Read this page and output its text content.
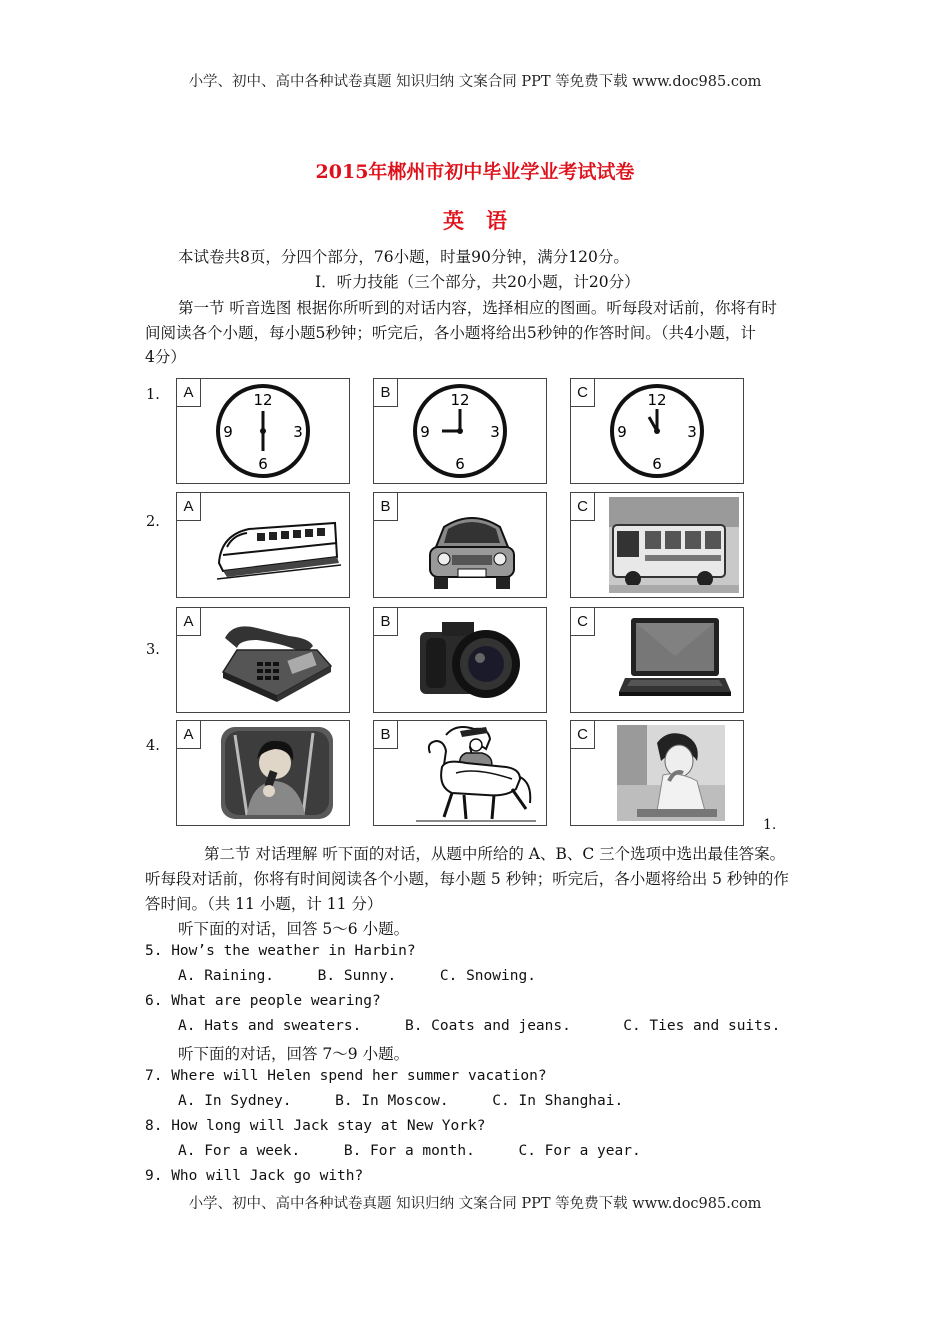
小学、初中、高中各种试卷真题 知识归纳 文案合同 PPT 等免费下载 www.doc985.com
2015年郴州市初中毕业学业考试试卷
英   语
本试卷共8页，分四个部分，76小题，时量90分钟，满分120分。
Ⅰ．听力技能（三个部分，共20小题，计20分）
第一节 听音选图 根据你所听到的对话内容，选择相应的图画。听每段对话前，你将有时
间阅读各个小题，每小题5秒钟；听完后，各小题将给出5秒钟的作答时间。（共4小题，计
4分）
1.
2.
3.
4.
A	12
3
6
9
B	12
3
6
9
C	12
3
6
9
A	B	C
A	B	C
A	B	C
1.
第二节 对话理解 听下面的对话，从题中所给的 A、B、C 三个选项中选出最佳答案。
听每段对话前，你将有时间阅读各个小题，每小题 5 秒钟；听完后，各小题将给出 5 秒钟的作
答时间。（共 11 小题，计 11 分）
听下面的对话，回答 5～6 小题。
5. How’s the weather in Harbin?
A. Raining.     B. Sunny.     C. Snowing.
6. What are people wearing?
A. Hats and sweaters.     B. Coats and jeans.      C. Ties and suits.
听下面的对话，回答 7～9 小题。
7. Where will Helen spend her summer vacation?
A. In Sydney.     B. In Moscow.     C. In Shanghai.
8. How long will Jack stay at New York?
A. For a week.     B. For a month.     C. For a year.
9. Who will Jack go with?
小学、初中、高中各种试卷真题 知识归纳 文案合同 PPT 等免费下载 www.doc985.com
